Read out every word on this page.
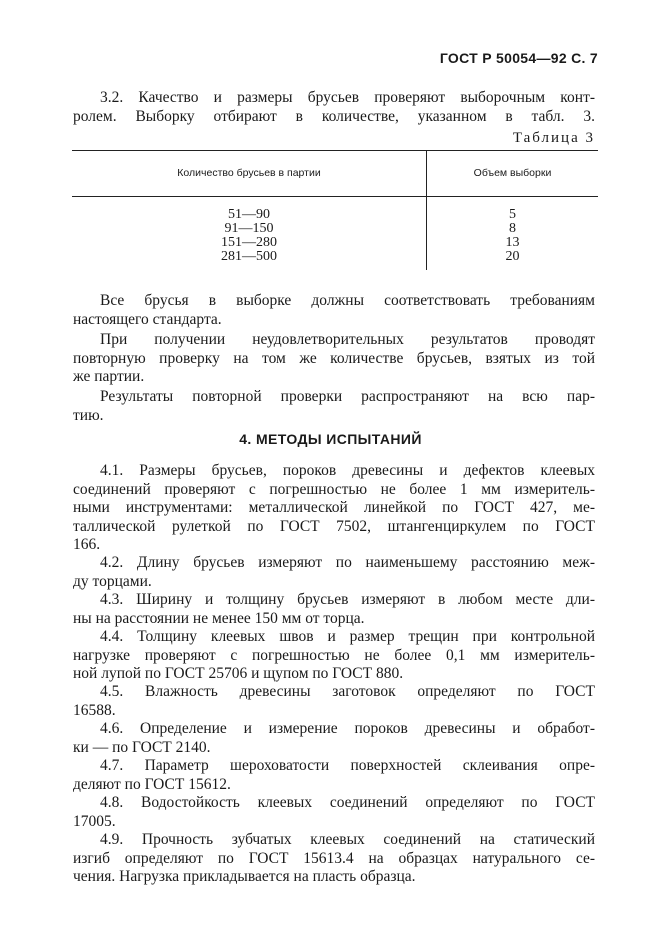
ГОСТ Р 50054—92 С. 7
3.2. Качество и размеры брусьев проверяют выборочным конт-
ролем. Выборку отбирают в количестве, указанном в табл. 3.
Таблица 3
Количество брусьев в партии	Объем выборки
51—90
91—150
151—280
281—500
5
8
13
20
Все брусья в выборке должны соответствовать требованиям
настоящего стандарта.
При получении неудовлетворительных результатов проводят
повторную проверку на том же количестве брусьев, взятых из той
же партии.
Результаты повторной проверки распространяют на всю пар-
тию.
4. МЕТОДЫ ИСПЫТАНИЙ
4.1. Размеры брусьев, пороков древесины и дефектов клеевых
соединений проверяют с погрешностью не более 1 мм измеритель-
ными инструментами: металлической линейкой по ГОСТ 427, ме-
таллической рулеткой по ГОСТ 7502, штангенциркулем по ГОСТ
166.
4.2. Длину брусьев измеряют по наименьшему расстоянию меж-
ду торцами.
4.3. Ширину и толщину брусьев измеряют в любом месте дли-
ны на расстоянии не менее 150 мм от торца.
4.4. Толщину клеевых швов и размер трещин при контрольной
нагрузке проверяют с погрешностью не более 0,1 мм измеритель-
ной лупой по ГОСТ 25706 и щупом по ГОСТ 880.
4.5. Влажность древесины заготовок определяют по ГОСТ
16588.
4.6. Определение и измерение пороков древесины и обработ-
ки — по ГОСТ 2140.
4.7. Параметр шероховатости поверхностей склеивания опре-
деляют по ГОСТ 15612.
4.8. Водостойкость клеевых соединений определяют по ГОСТ
17005.
4.9. Прочность зубчатых клеевых соединений на статический
изгиб определяют по ГОСТ 15613.4 на образцах натурального се-
чения. Нагрузка прикладывается на пласть образца.
